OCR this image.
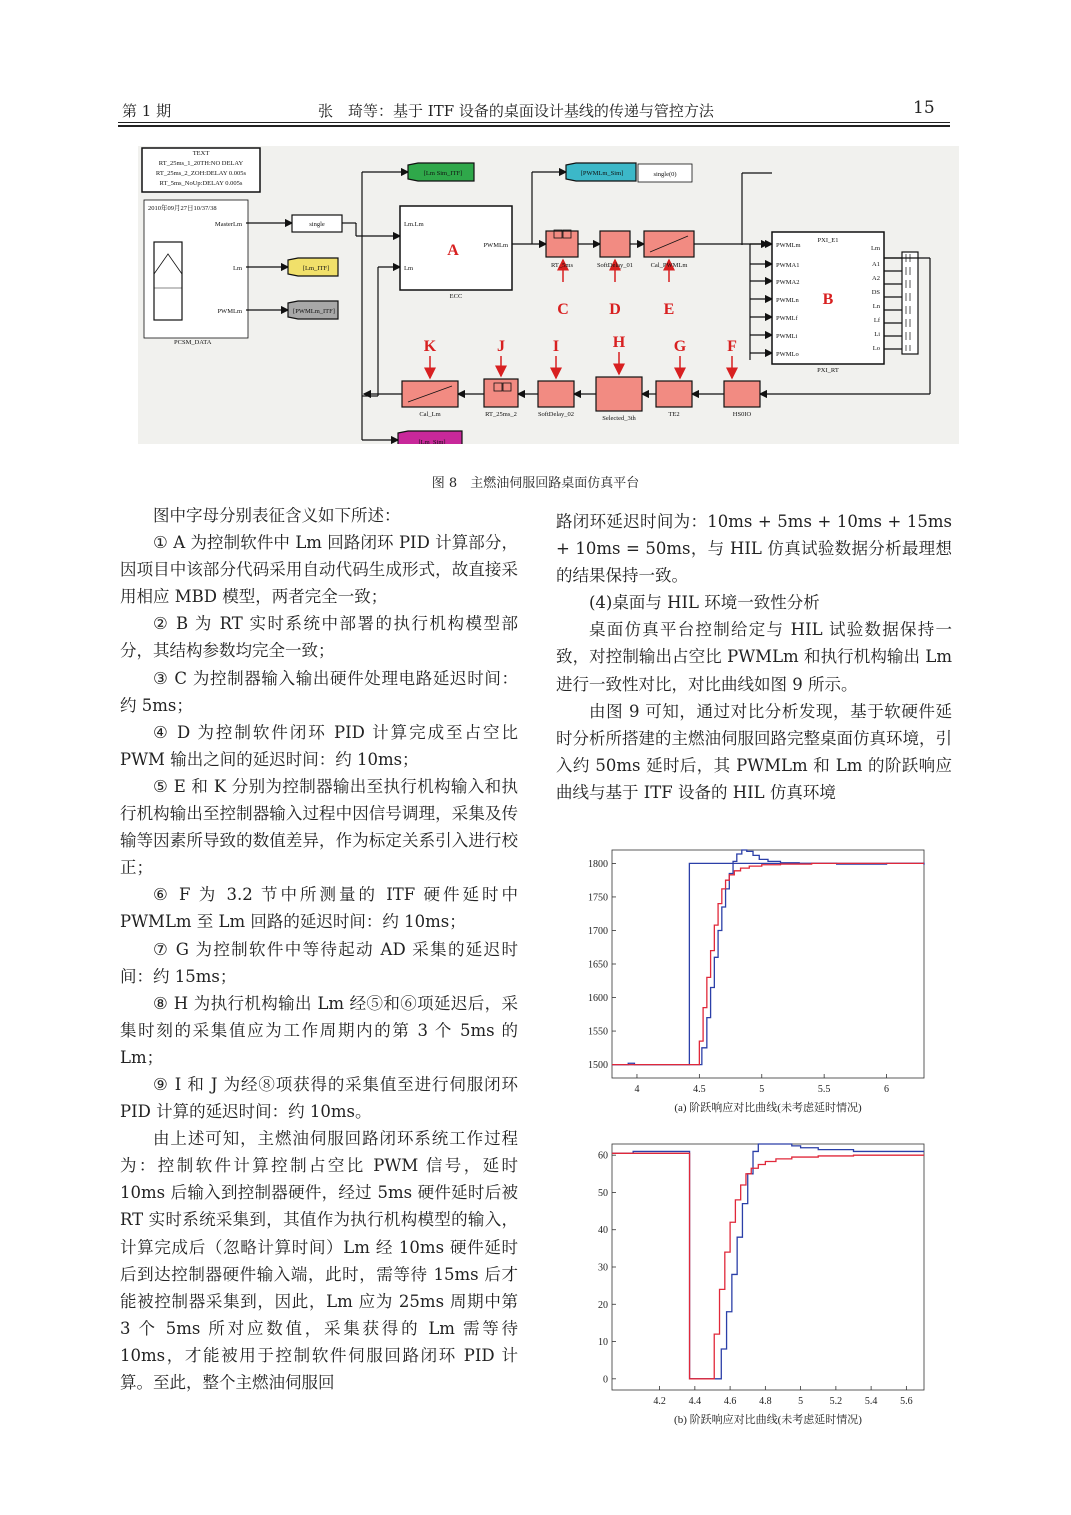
第 1 期	张　琦等：基于 ITF 设备的桌面设计基线的传递与管控方法	15
TEXT
RT_25ms_1_20TH:NO DELAY
RT_25ms_2_ZOH:DELAY 0.005s
RT_5ms_NoUp:DELAY 0.005s
2010年09月27日10/37/38
PCSM_DATA
MasterLm
Lm
PWMLm
single
[Lm_ITF]
[PWMLm_ITF]
[Lm Sim_ITF]	[PWMLm_Sim]	single(0)
[Lm_Sim]
Lm.Lm
Lm
PWMLm
ECC
RT_5ms	SoftDelay_01	Cal_PWMLm
PXI_E1
PXI_RT
PWMLm
PWMA1
PWMA2
PWMLn
PWMLf
PWMLi
PWMLo
Lm
A1
A2
DS
Ln
Lf
Li
Lo
Cal_Lm	RT_25ms_2	SoftDelay_02
Selected_3th
TE2	HS0IO
A
B
C	D	E
K	J	I	H	G	F
图 8　主燃油伺服回路桌面仿真平台

图中字母分别表征含义如下所述：

① A 为控制软件中 Lm 回路闭环 PID 计算部分，因项目中该部分代码采用自动代码生成形式，故直接采用相应 MBD 模型，两者完全一致；

② B 为 RT 实时系统中部署的执行机构模型部分，其结构参数均完全一致；

③ C 为控制器输入输出硬件处理电路延迟时间：约 5ms；

④ D 为控制软件闭环 PID 计算完成至占空比 PWM 输出之间的延迟时间：约 10ms；

⑤ E 和 K 分别为控制器输出至执行机构输入和执行机构输出至控制器输入过程中因信号调理，采集及传输等因素所导致的数值差异，作为标定关系引入进行校正；

⑥ F 为 3.2 节中所测量的 ITF 硬件延时中 PWMLm 至 Lm 回路的延迟时间：约 10ms；

⑦ G 为控制软件中等待起动 AD 采集的延迟时间：约 15ms；

⑧ H 为执行机构输出 Lm 经⑤和⑥项延迟后，采集时刻的采集值应为工作周期内的第 3 个 5ms 的 Lm；

⑨ I 和 J 为经⑧项获得的采集值至进行伺服闭环 PID 计算的延迟时间：约 10ms。

由上述可知，主燃油伺服回路闭环系统工作过程为：控制软件计算控制占空比 PWM 信号，延时 10ms 后输入到控制器硬件，经过 5ms 硬件延时后被 RT 实时系统采集到，其值作为执行机构模型的输入，计算完成后（忽略计算时间）Lm 经 10ms 硬件延时后到达控制器硬件输入端，此时，需等待 15ms 后才能被控制器采集到，因此，Lm 应为 25ms 周期中第 3 个 5ms 所对应数值，采集获得的 Lm 需等待 10ms，才能被用于控制软件伺服回路闭环 PID 计算。至此，整个主燃油伺服回

路闭环延迟时间为：10ms + 5ms + 10ms + 15ms + 10ms = 50ms，与 HIL 仿真试验数据分析最理想的结果保持一致。

(4)桌面与 HIL 环境一致性分析

桌面仿真平台控制给定与 HIL 试验数据保持一致，对控制输出占空比 PWMLm 和执行机构输出 Lm 进行一致性对比，对比曲线如图 9 所示。

由图 9 可知，通过对比分析发现，基于软硬件延时分析所搭建的主燃油伺服回路完整桌面仿真环境，引入约 50ms 延时后，其 PWMLm 和 Lm 的阶跃响应曲线与基于 ITF 设备的 HIL 仿真环境

1500
1550
1600
1650
1700
1750
1800
4	4.5	5	5.5	6
(a) 阶跃响应对比曲线(未考虑延时情况)
0
10
20
30
40
50
60
4.2 4.4 4.6 4.8	5	5.2 5.4 5.6
(b) 阶跃响应对比曲线(未考虑延时情况)
